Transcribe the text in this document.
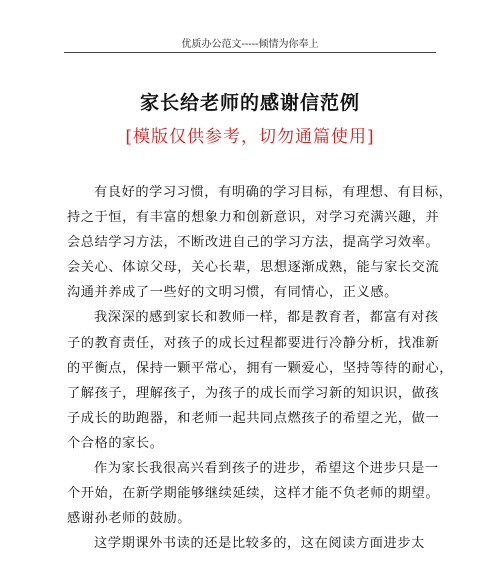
优质办公范文-----倾情为你奉上
家长给老师的感谢信范例
[模版仅供参考，切勿通篇使用]
有良好的学习习惯，有明确的学习目标，有理想、有目标，
持之于恒，有丰富的想象力和创新意识，对学习充满兴趣，并
会总结学习方法，不断改进自己的学习方法，提高学习效率。
会关心、体谅父母，关心长辈，思想逐渐成熟，能与家长交流
沟通并养成了一些好的文明习惯，有同情心，正义感。
我深深的感到家长和教师一样，都是教育者，都富有对孩
子的教育责任，对孩子的成长过程都要进行冷静分析，找准新
的平衡点，保持一颗平常心，拥有一颗爱心，坚持等待的耐心，
了解孩子，理解孩子，为孩子的成长而学习新的知识识，做孩
子成长的助跑器，和老师一起共同点燃孩子的希望之光，做一
个合格的家长。
作为家长我很高兴看到孩子的进步，希望这个进步只是一
个开始，在新学期能够继续延续，这样才能不负老师的期望。
感谢孙老师的鼓励。
这学期课外书读的还是比较多的，这在阅读方面进步太
